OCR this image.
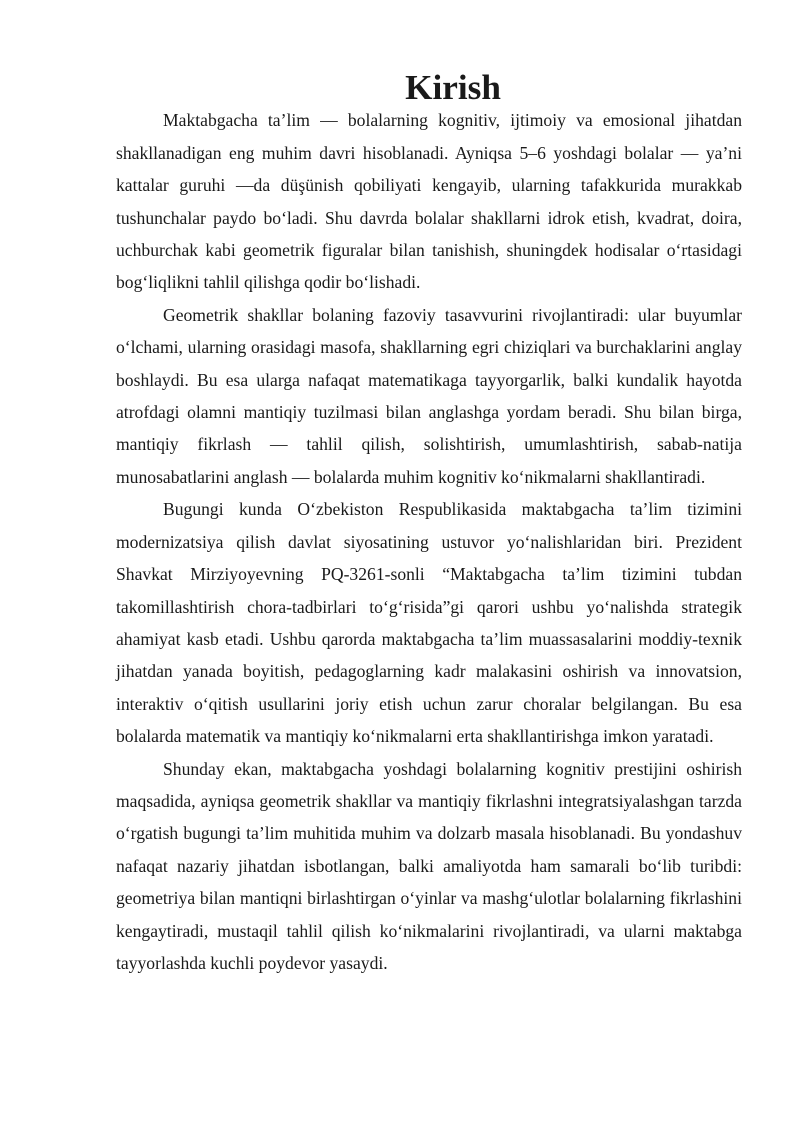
Kirish

Maktabgacha ta’lim — bolalarning kognitiv, ijtimoiy va emosional jihatdan shakllanadigan eng muhim davri hisoblanadi. Ayniqsa 5–6 yoshdagi bolalar — ya’ni kattalar guruhi —da düşünish qobiliyati kengayib, ularning tafakkurida murakkab tushunchalar paydo bo‘ladi. Shu davrda bolalar shakllarni idrok etish, kvadrat, doira, uchburchak kabi geometrik figuralar bilan tanishish, shuningdek hodisalar o‘rtasidagi bog‘liqlikni tahlil qilishga qodir bo‘lishadi.

Geometrik shakllar bolaning fazoviy tasavvurini rivojlantiradi: ular buyumlar o‘lchami, ularning orasidagi masofa, shakllarning egri chiziqlari va burchaklarini anglay boshlaydi. Bu esa ularga nafaqat matematikaga tayyorgarlik, balki kundalik hayotda atrofdagi olamni mantiqiy tuzilmasi bilan anglashga yordam beradi. Shu bilan birga, mantiqiy fikrlash — tahlil qilish, solishtirish, umumlashtirish, sabab-natija munosabatlarini anglash — bolalarda muhim kognitiv ko‘nikmalarni shakllantiradi.

Bugungi kunda O‘zbekiston Respublikasida maktabgacha ta’lim tizimini modernizatsiya qilish davlat siyosatining ustuvor yo‘nalishlaridan biri. Prezident Shavkat Mirziyoyevning PQ-3261-sonli “Maktabgacha ta’lim tizimini tubdan takomillashtirish chora-tadbirlari to‘g‘risida”gi qarori ushbu yo‘nalishda strategik ahamiyat kasb etadi. Ushbu qarorda maktabgacha ta’lim muassasalarini moddiy-texnik jihatdan yanada boyitish, pedagoglarning kadr malakasini oshirish va innovatsion, interaktiv o‘qitish usullarini joriy etish uchun zarur choralar belgilangan. Bu esa bolalarda matematik va mantiqiy ko‘nikmalarni erta shakllantirishga imkon yaratadi.

Shunday ekan, maktabgacha yoshdagi bolalarning kognitiv prestijini oshirish maqsadida, ayniqsa geometrik shakllar va mantiqiy fikrlashni integratsiyalashgan tarzda o‘rgatish bugungi ta’lim muhitida muhim va dolzarb masala hisoblanadi. Bu yondashuv nafaqat nazariy jihatdan isbotlangan, balki amaliyotda ham samarali bo‘lib turibdi: geometriya bilan mantiqni birlashtirgan o‘yinlar va mashg‘ulotlar bolalarning fikrlashini kengaytiradi, mustaqil tahlil qilish ko‘nikmalarini rivojlantiradi, va ularni maktabga tayyorlashda kuchli poydevor yasaydi.
